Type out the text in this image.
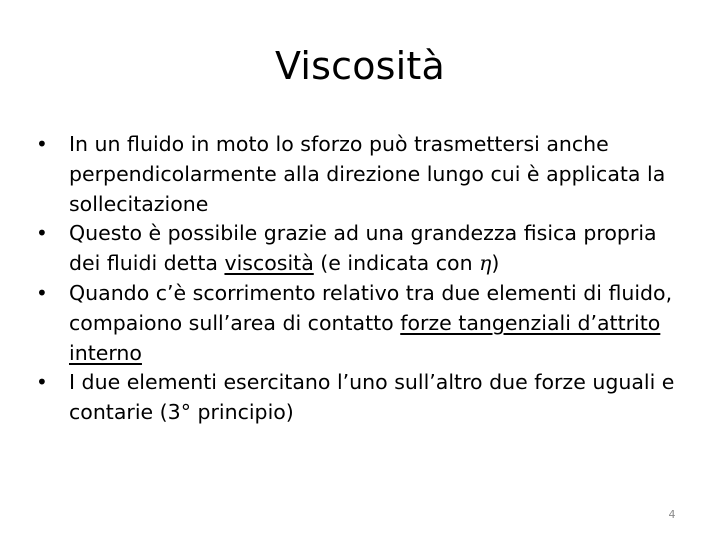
Viscosità
•	In un fluido in moto lo sforzo può trasmettersi anche perpendicolarmente alla direzione lungo cui è applicata la sollecitazione
•	Questo è possibile grazie ad una grandezza fisica propria dei fluidi detta viscosità (e indicata con η)
•	Quando c’è scorrimento relativo tra due elementi di fluido, compaiono sull’area di contatto forze tangenziali d’attrito interno
•	I due elementi esercitano l’uno sull’altro due forze uguali e contarie (3° principio)
4
